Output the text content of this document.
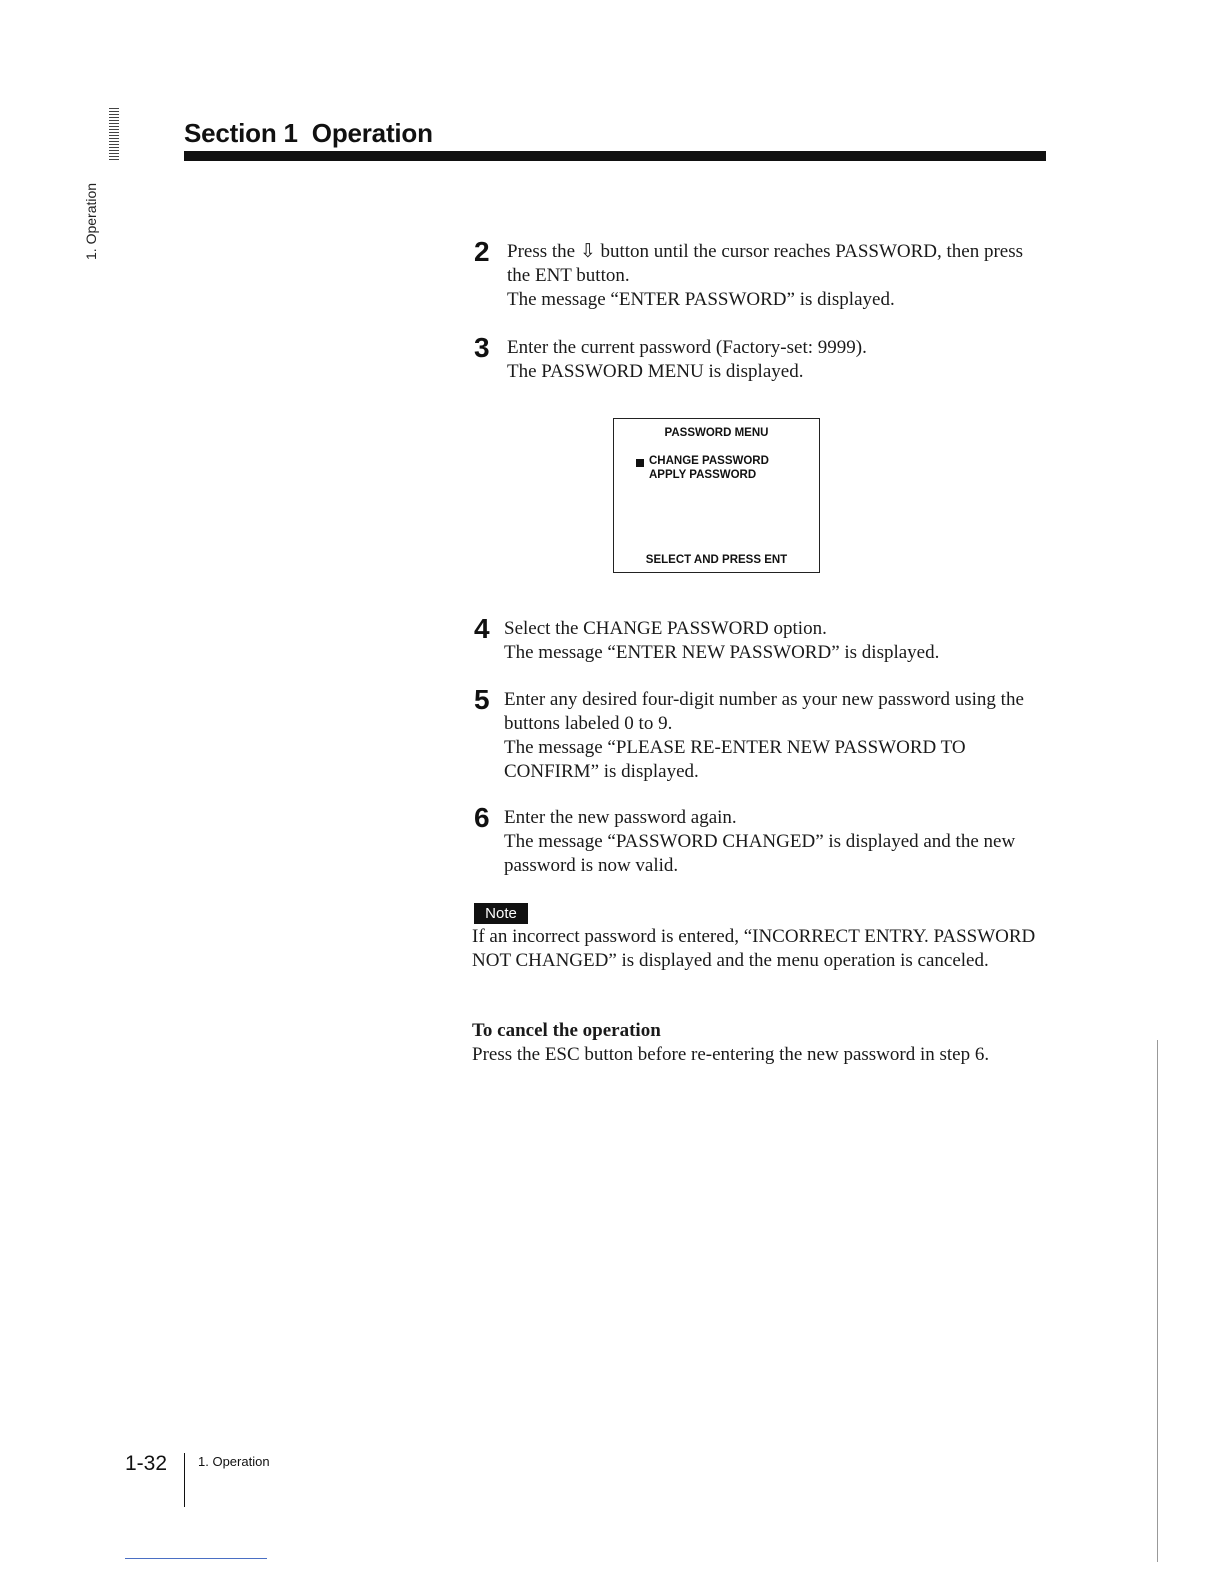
1. Operation
Section 1 Operation
2 Press the ⇩ button until the cursor reaches PASSWORD, then press the ENT button.

The message “ENTER PASSWORD” is displayed.

3 Enter the current password (Factory-set: 9999).

The PASSWORD MENU is displayed.

PASSWORD MENU
CHANGE PASSWORD
APPLY PASSWORD
SELECT AND PRESS ENT
4 Select the CHANGE PASSWORD option.

The message “ENTER NEW PASSWORD” is displayed.

5 Enter any desired four-digit number as your new password using the buttons labeled 0 to 9.

The message “PLEASE RE-ENTER NEW PASSWORD TO CONFIRM” is displayed.

6 Enter the new password again.

The message “PASSWORD CHANGED” is displayed and the new password is now valid.

Note

If an incorrect password is entered, “INCORRECT ENTRY. PASSWORD NOT CHANGED” is displayed and the menu operation is canceled.

To cancel the operation

Press the ESC button before re-entering the new password in step 6.

1-32 1. Operation
